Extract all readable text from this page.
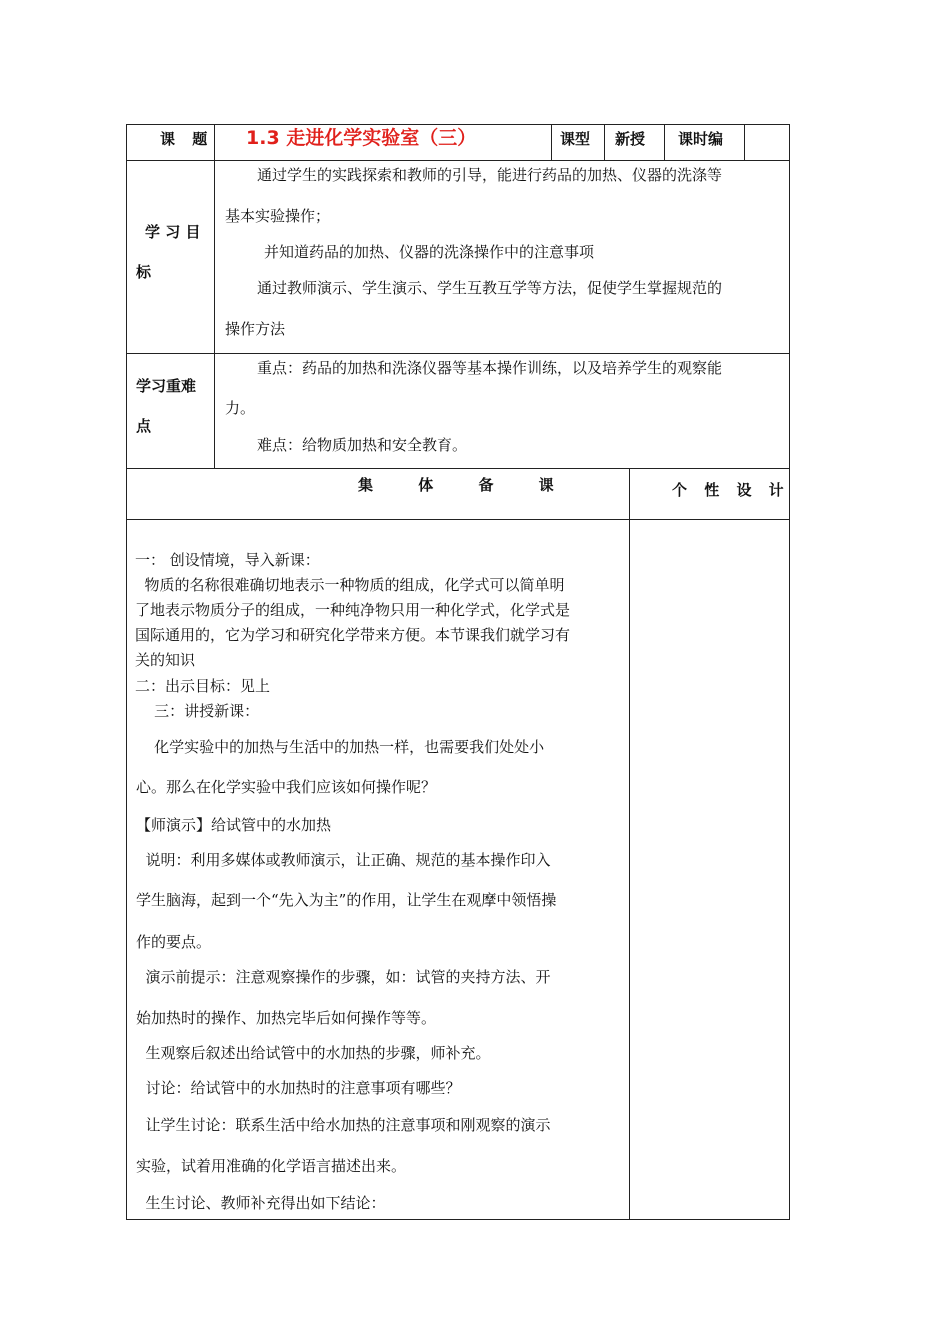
课 题 1.3 走进化学实验室（三）	课型 新授 课时编
学 习 目
标
通过学生的实践探索和教师的引导，能进行药品的加热、仪器的洗涤等
基本实验操作；
并知道药品的加热、仪器的洗涤操作中的注意事项
通过教师演示、学生演示、学生互教互学等方法，促使学生掌握规范的
操作方法
学习重难
点
重点：药品的加热和洗涤仪器等基本操作训练，以及培养学生的观察能
力。
难点：给物质加热和安全教育。
集 体 备 课	个 性 设 计
一： 创设情境，导入新课：
物质的名称很难确切地表示一种物质的组成，化学式可以简单明
了地表示物质分子的组成，一种纯净物只用一种化学式，化学式是
国际通用的，它为学习和研究化学带来方便。本节课我们就学习有
关的知识
二：出示目标：见上
三：讲授新课：
化学实验中的加热与生活中的加热一样，也需要我们处处小
心。那么在化学实验中我们应该如何操作呢？
【师演示】给试管中的水加热
说明：利用多媒体或教师演示，让正确、规范的基本操作印入
学生脑海，起到一个“先入为主”的作用，让学生在观摩中领悟操
作的要点。
演示前提示：注意观察操作的步骤，如：试管的夹持方法、开
始加热时的操作、加热完毕后如何操作等等。
生观察后叙述出给试管中的水加热的步骤，师补充。
讨论：给试管中的水加热时的注意事项有哪些？
让学生讨论：联系生活中给水加热的注意事项和刚观察的演示
实验，试着用准确的化学语言描述出来。
生生讨论、教师补充得出如下结论：
